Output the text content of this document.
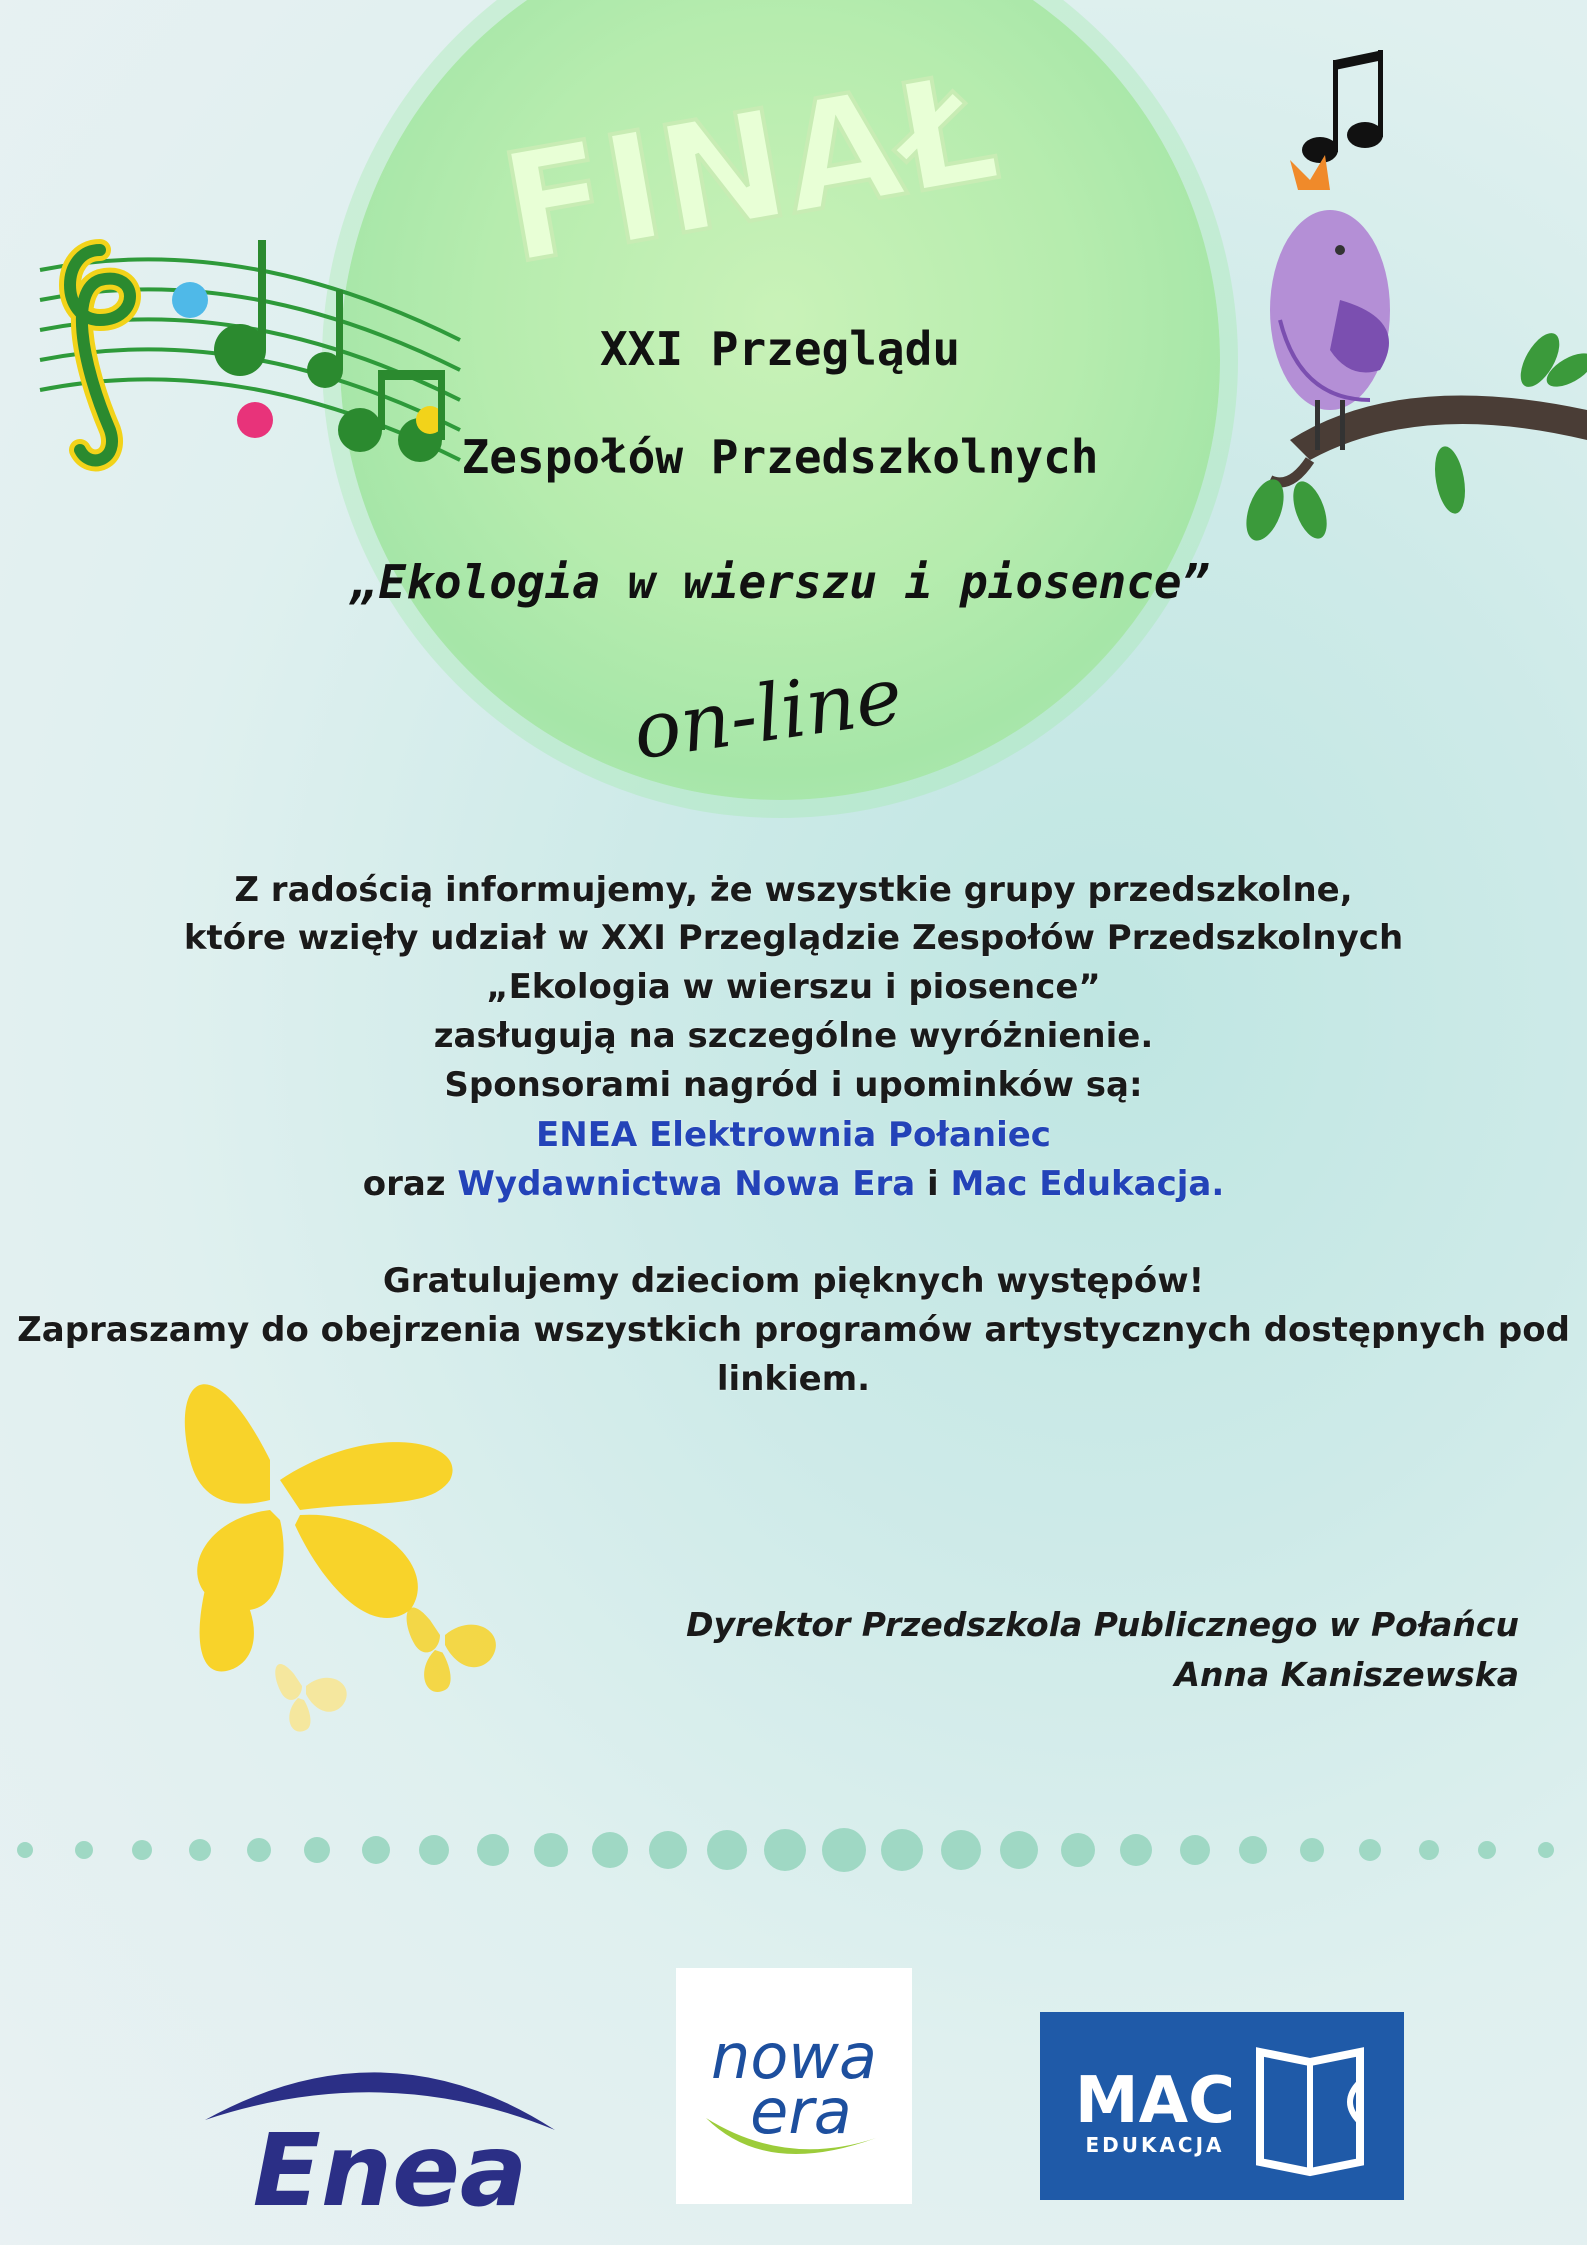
FINAŁ
XXI Przeglądu
Zespołów Przedszkolnych
„Ekologia w wierszu i piosence”
on-line
Z radością informujemy, że wszystkie grupy przedszkolne,
które wzięły udział w XXI Przeglądzie Zespołów Przedszkolnych
„Ekologia w wierszu i piosence”
zasługują na szczególne wyróżnienie.
Sponsorami nagród i upominków są:
ENEA Elektrownia Połaniec
oraz Wydawnictwa Nowa Era i Mac Edukacja.
Gratulujemy dzieciom pięknych występów!
Zapraszamy do obejrzenia wszystkich programów artystycznych dostępnych pod
linkiem.
Dyrektor Przedszkola Publicznego w Połańcu
Anna Kaniszewska
Enea
nowa
era	MAC
EDUKACJA
